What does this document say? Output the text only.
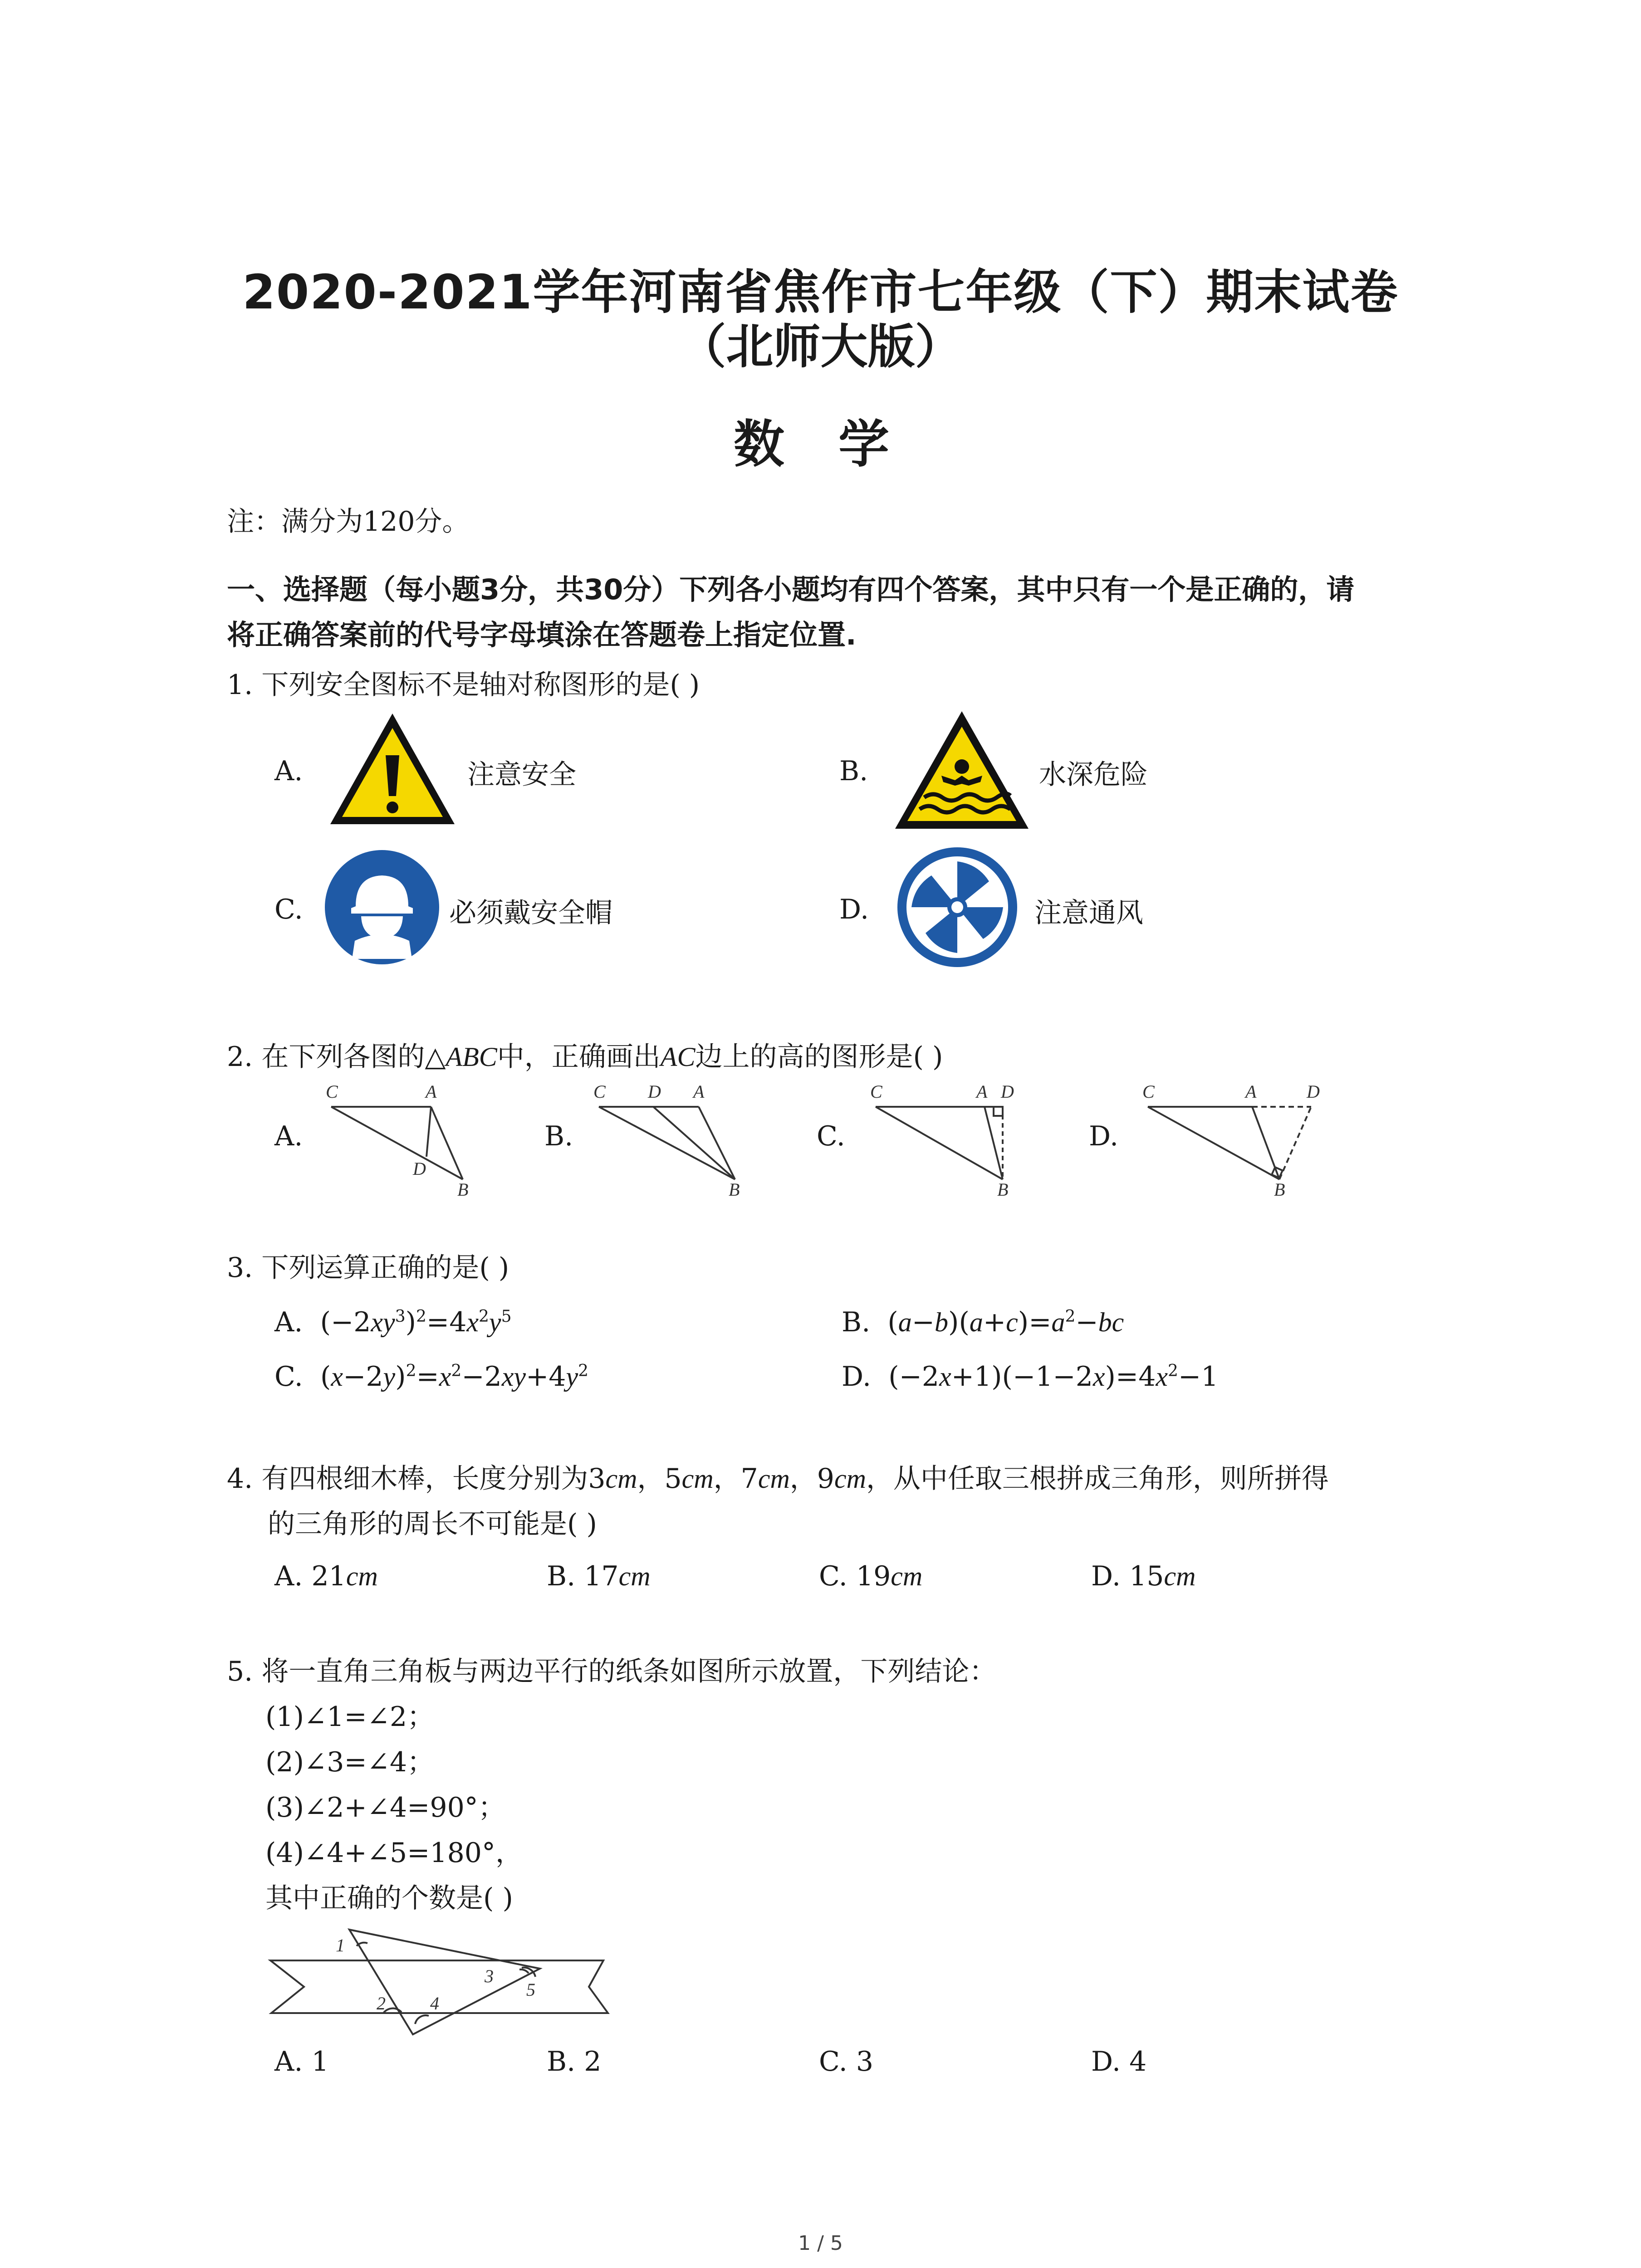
2020-2021学年河南省焦作市七年级（下）期末试卷
（北师大版）
数 学
注：满分为120分。
一、选择题（每小题3分，共30分）下列各小题均有四个答案，其中只有一个是正确的，请
将正确答案前的代号字母填涂在答题卷上指定位置.
1. 下列安全图标不是轴对称图形的是( )
A.	注意安全	B.	水深危险
C.	必须戴安全帽	D.	注意通风
2. 在下列各图的△ABC中，正确画出AC边上的高的图形是( )
A.
C	A
D
B
B.
C D A
B
C.
C	A D
B
D.
C	A	D
B
3. 下列运算正确的是( )
A. $(-2xy^3)^2=4x^2y^5$	B. $(a-b)(a+c)=a^2-bc$
C. $(x-2y)^2=x^2-2xy+4y^2$	D. $(-2x+1)(-1-2x)=4x^2-1$
4. 有四根细木棒，长度分别为3cm，5cm，7cm，9cm，从中任取三根拼成三角形，则所拼得
的三角形的周长不可能是( )
A. 21cm	B. 17cm	C. 19cm	D. 15cm
5. 将一直角三角板与两边平行的纸条如图所示放置，下列结论：
(1)∠1=∠2；
(2)∠3=∠4；
(3)∠2+∠4=90°；
(4)∠4+∠5=180°，
其中正确的个数是( )
1
2
3
4
5
A. 1	B. 2	C. 3	D. 4
1 / 5
